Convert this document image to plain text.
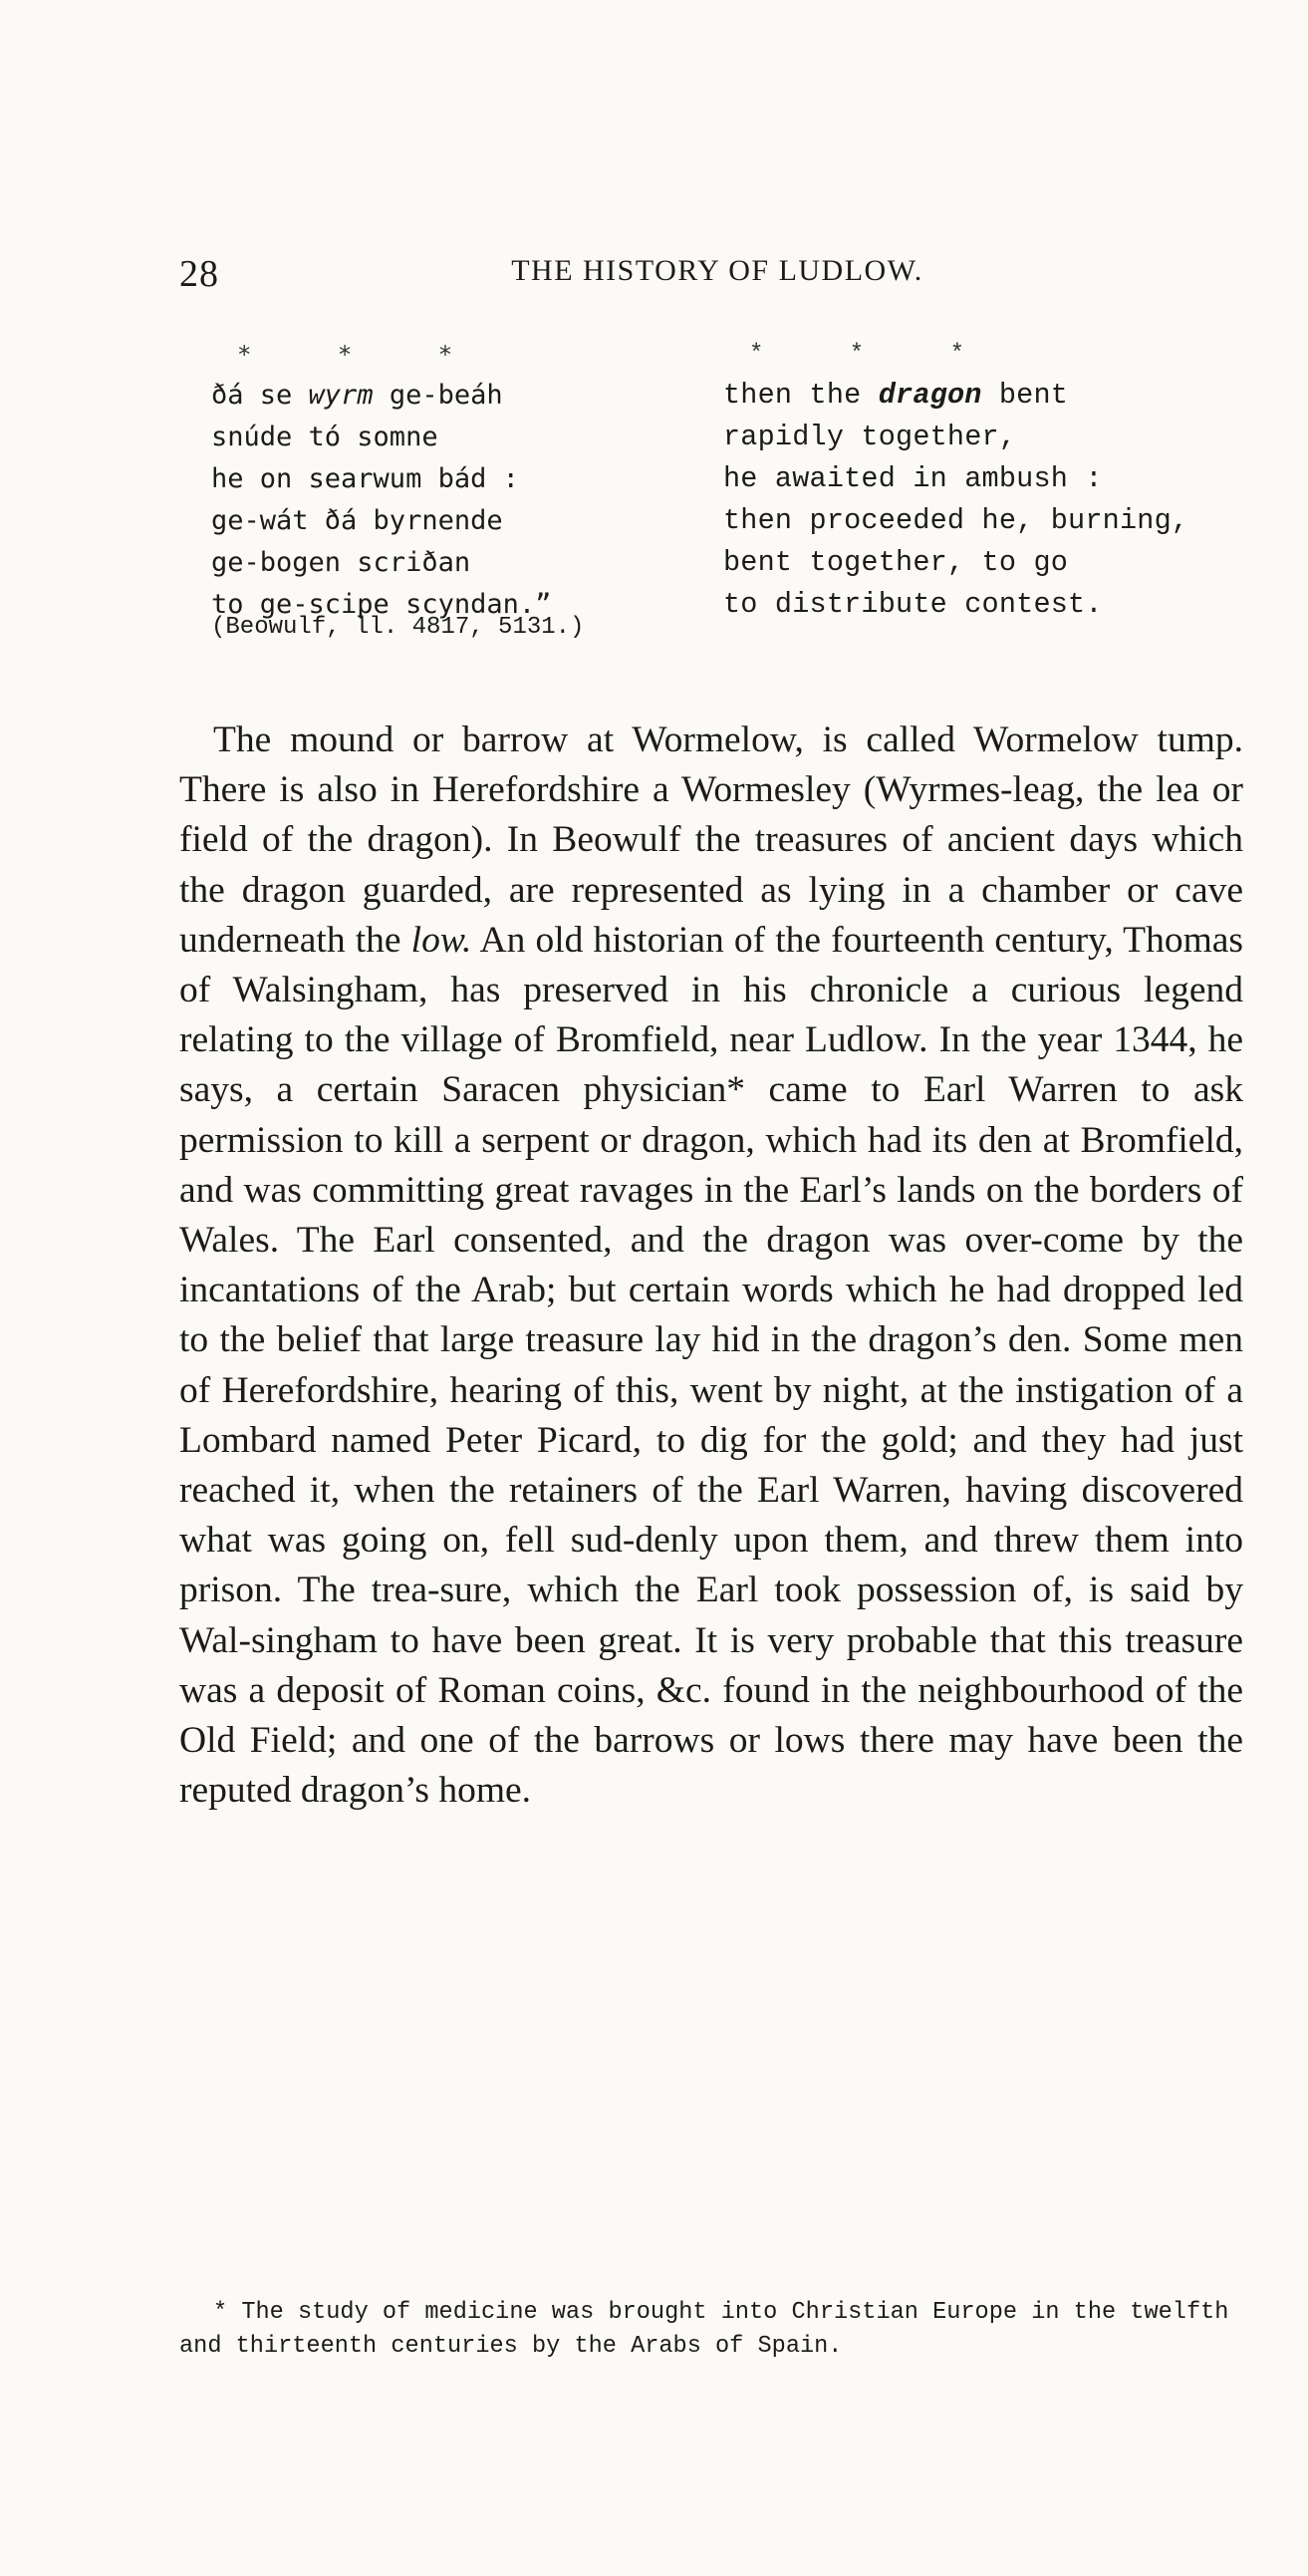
28	THE HISTORY OF LUDLOW.
* * *
ðá se wyrm ge-beáh
snúde tó somne
he on searwum bád :
ge-wát ðá byrnende
ge-bogen scriðan
to ge-scipe scyndan.”
* * *
then the dragon bent
rapidly together,
he awaited in ambush :
then proceeded he, burning,
bent together, to go
to distribute contest.
(Beowulf, ll. 4817, 5131.)

The mound or barrow at Wormelow, is called Wormelow tump. There is also in Herefordshire a Wormesley (Wyrmes-leag, the lea or field of the dragon). In Beowulf the treasures of ancient days which the dragon guarded, are represented as lying in a chamber or cave underneath the low. An old historian of the fourteenth century, Thomas of Walsingham, has preserved in his chronicle a curious legend relating to the village of Bromfield, near Ludlow. In the year 1344, he says, a certain Saracen physician* came to Earl Warren to ask permission to kill a serpent or dragon, which had its den at Bromfield, and was committing great ravages in the Earl’s lands on the borders of Wales. The Earl consented, and the dragon was over-come by the incantations of the Arab; but certain words which he had dropped led to the belief that large treasure lay hid in the dragon’s den. Some men of Herefordshire, hearing of this, went by night, at the instigation of a Lombard named Peter Picard, to dig for the gold; and they had just reached it, when the retainers of the Earl Warren, having discovered what was going on, fell sud-denly upon them, and threw them into prison. The trea-sure, which the Earl took possession of, is said by Wal-singham to have been great. It is very probable that this treasure was a deposit of Roman coins, &c. found in the neighbourhood of the Old Field; and one of the barrows or lows there may have been the reputed dragon’s home.

* The study of medicine was brought into Christian Europe in the twelfth and thirteenth centuries by the Arabs of Spain.
